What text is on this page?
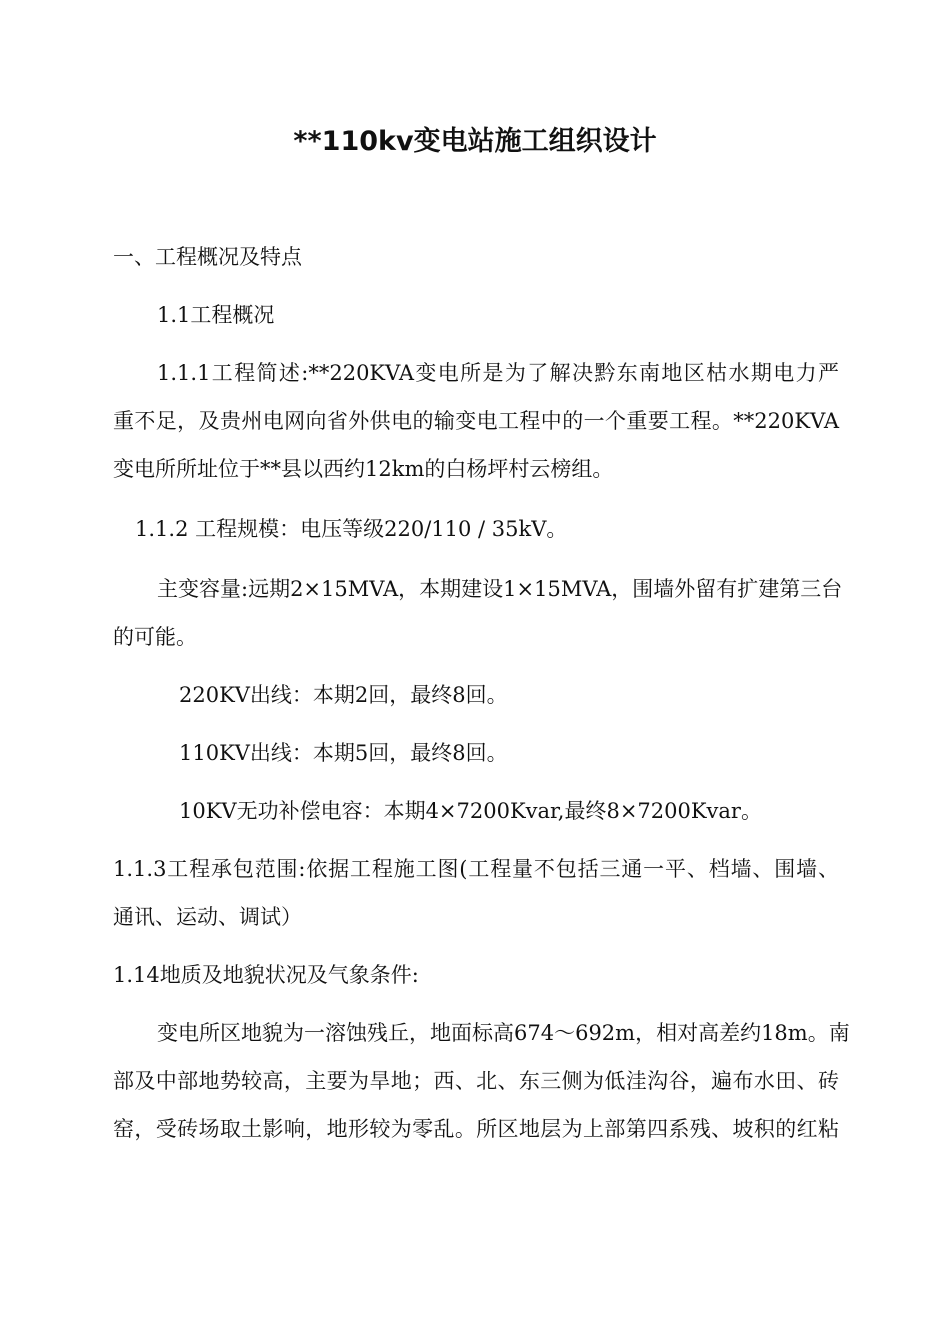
**110kv变电站施工组织设计

一、工程概况及特点

1.1工程概况

1.1.1工程简述:**220KVA变电所是为了解决黔东南地区枯水期电力严

重不足，及贵州电网向省外供电的输变电工程中的一个重要工程。**220KVA

变电所所址位于**县以西约12km的白杨坪村云榜组。

1.1.2 工程规模：电压等级220/110 / 35kV。

主变容量:远期2×15MVA，本期建设1×15MVA，围墙外留有扩建第三台

的可能。

220KV出线：本期2回，最终8回。

110KV出线：本期5回，最终8回。

10KV无功补偿电容：本期4×7200Kvar,最终8×7200Kvar。

1.1.3工程承包范围:依据工程施工图(工程量不包括三通一平、档墙、围墙、

通讯、运动、调试）

1.14地质及地貌状况及气象条件:

变电所区地貌为一溶蚀残丘，地面标高674～692m，相对高差约18m。南

部及中部地势较高，主要为旱地；西、北、东三侧为低洼沟谷，遍布水田、砖

窑，受砖场取土影响，地形较为零乱。所区地层为上部第四系残、坡积的红粘
